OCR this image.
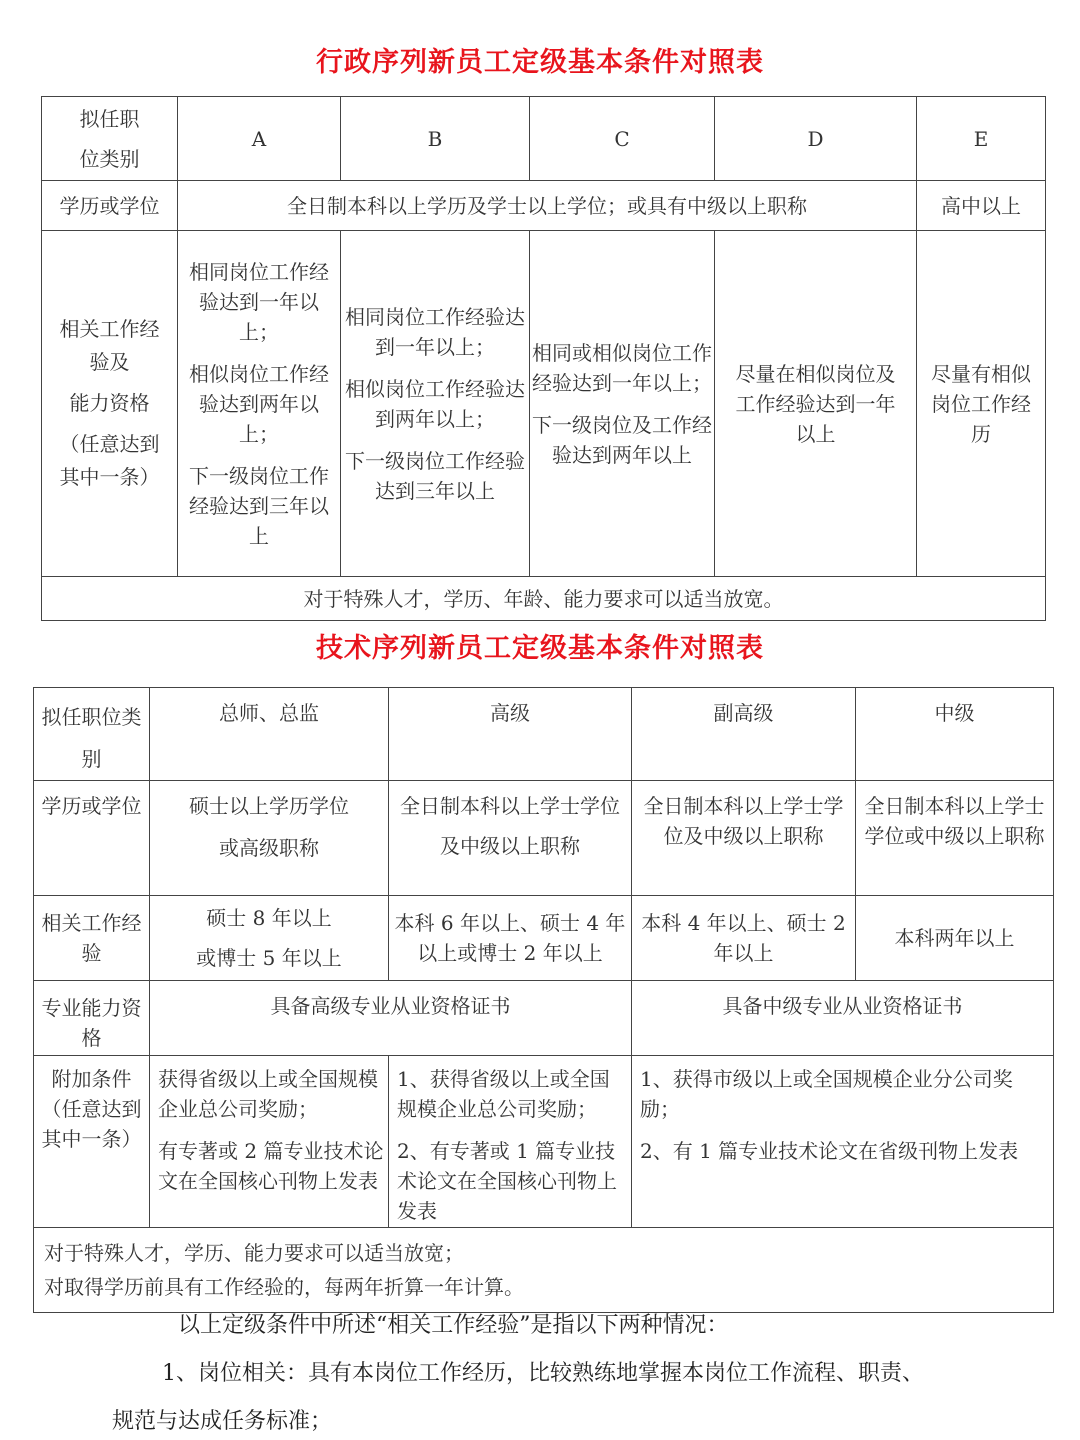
行政序列新员工定级基本条件对照表
拟任职
位类别	A	B	C	D	E
学历或学位	全日制本科以上学历及学士以上学位；或具有中级以上职称				高中以上

相关工作经
验及
能力资格
（任意达到
其中一条）	相同岗位工作经验达到一年以上；
相似岗位工作经验达到两年以上；
下一级岗位工作经验达到三年以上	相同岗位工作经验达到一年以上；
相似岗位工作经验达到两年以上；
下一级岗位工作经验达到三年以上	相同或相似岗位工作经验达到一年以上；
下一级岗位及工作经验达到两年以上	尽量在相似岗位及工作经验达到一年以上	尽量有相似岗位工作经历
对于特殊人才，学历、年龄、能力要求可以适当放宽。					
技术序列新员工定级基本条件对照表
拟任职位类别	总师、总监	高级	副高级	中级
学历或学位	硕士以上学历学位
或高级职称	全日制本科以上学士学位
及中级以上职称	全日制本科以上学士学位及中级以上职称	全日制本科以上学士学位或中级以上职称
相关工作经验	硕士 8 年以上
或博士 5 年以上	本科 6 年以上、硕士 4 年以上或博士 2 年以上	本科 4 年以上、硕士 2 年以上	本科两年以上
专业能力资格	具备高级专业从业资格证书		具备中级专业从业资格证书	
附加条件（任意达到其中一条）	获得省级以上或全国规模企业总公司奖励；
有专著或 2 篇专业技术论文在全国核心刊物上发表	1、获得省级以上或全国规模企业总公司奖励；
2、有专著或 1 篇专业技术论文在全国核心刊物上发表	1、获得市级以上或全国规模企业分公司奖励；
2、有 1 篇专业技术论文在省级刊物上发表	

对于特殊人才，学历、能力要求可以适当放宽；
对取得学历前具有工作经验的，每两年折算一年计算。				
以上定级条件中所述“相关工作经验”是指以下两种情况：
1、岗位相关：具有本岗位工作经历，比较熟练地掌握本岗位工作流程、职责、
规范与达成任务标准；
